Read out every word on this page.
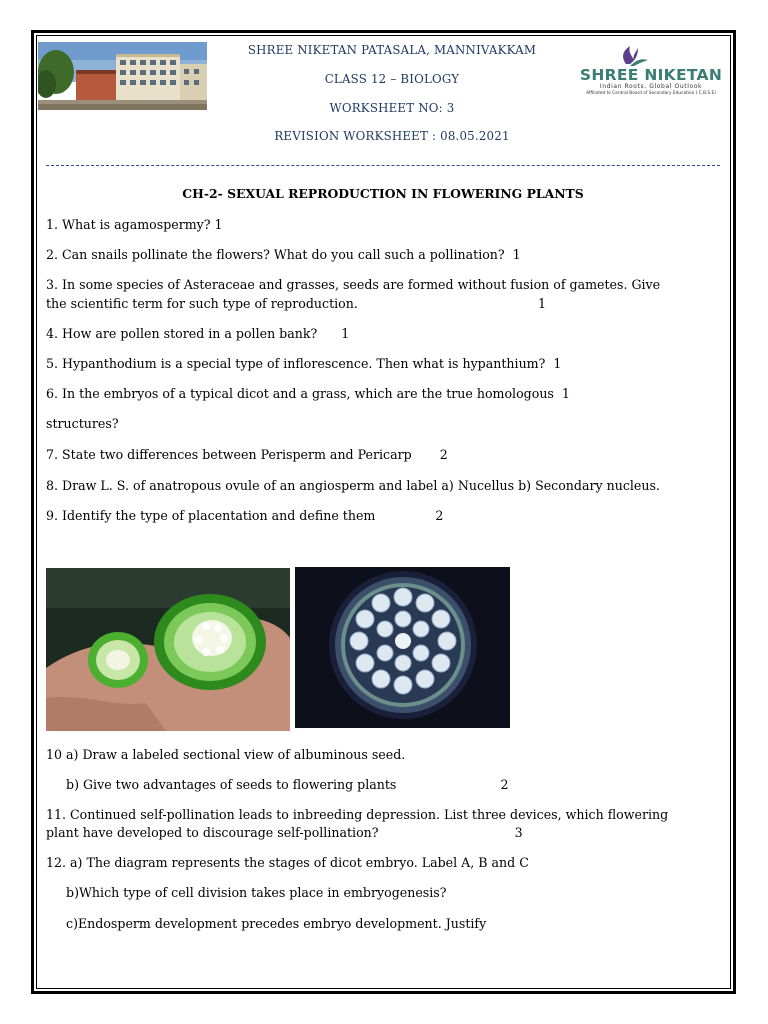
SHREE NIKETAN
Indian Roots, Global Outlook
Affiliated to Central Board of Secondary Education ( C.B.S.E)
SHREE NIKETAN PATASALA, MANNIVAKKAM
CLASS 12 – BIOLOGY
WORKSHEET NO: 3
REVISION WORKSHEET : 08.05.2021
CH-2- SEXUAL REPRODUCTION IN FLOWERING PLANTS
1. What is agamospermy? 1
2. Can snails pollinate the flowers? What do you call such a pollination?  1
3. In some species of Asteraceae and grasses, seeds are formed without fusion of gametes. Give
the scientific term for such type of reproduction.                                             1
4. How are pollen stored in a pollen bank?      1
5. Hypanthodium is a special type of inflorescence. Then what is hypanthium?  1
6. In the embryos of a typical dicot and a grass, which are the true homologous  1
structures?
7. State two differences between Perisperm and Pericarp       2
8. Draw L. S. of anatropous ovule of an angiosperm and label a) Nucellus b) Secondary nucleus.
9. Identify the type of placentation and define them               2
10 a) Draw a labeled sectional view of albuminous seed.
b) Give two advantages of seeds to flowering plants                          2
11. Continued self-pollination leads to inbreeding depression. List three devices, which flowering
plant have developed to discourage self-pollination?                                  3
12. a) The diagram represents the stages of dicot embryo. Label A, B and C
b)Which type of cell division takes place in embryogenesis?
c)Endosperm development precedes embryo development. Justify
